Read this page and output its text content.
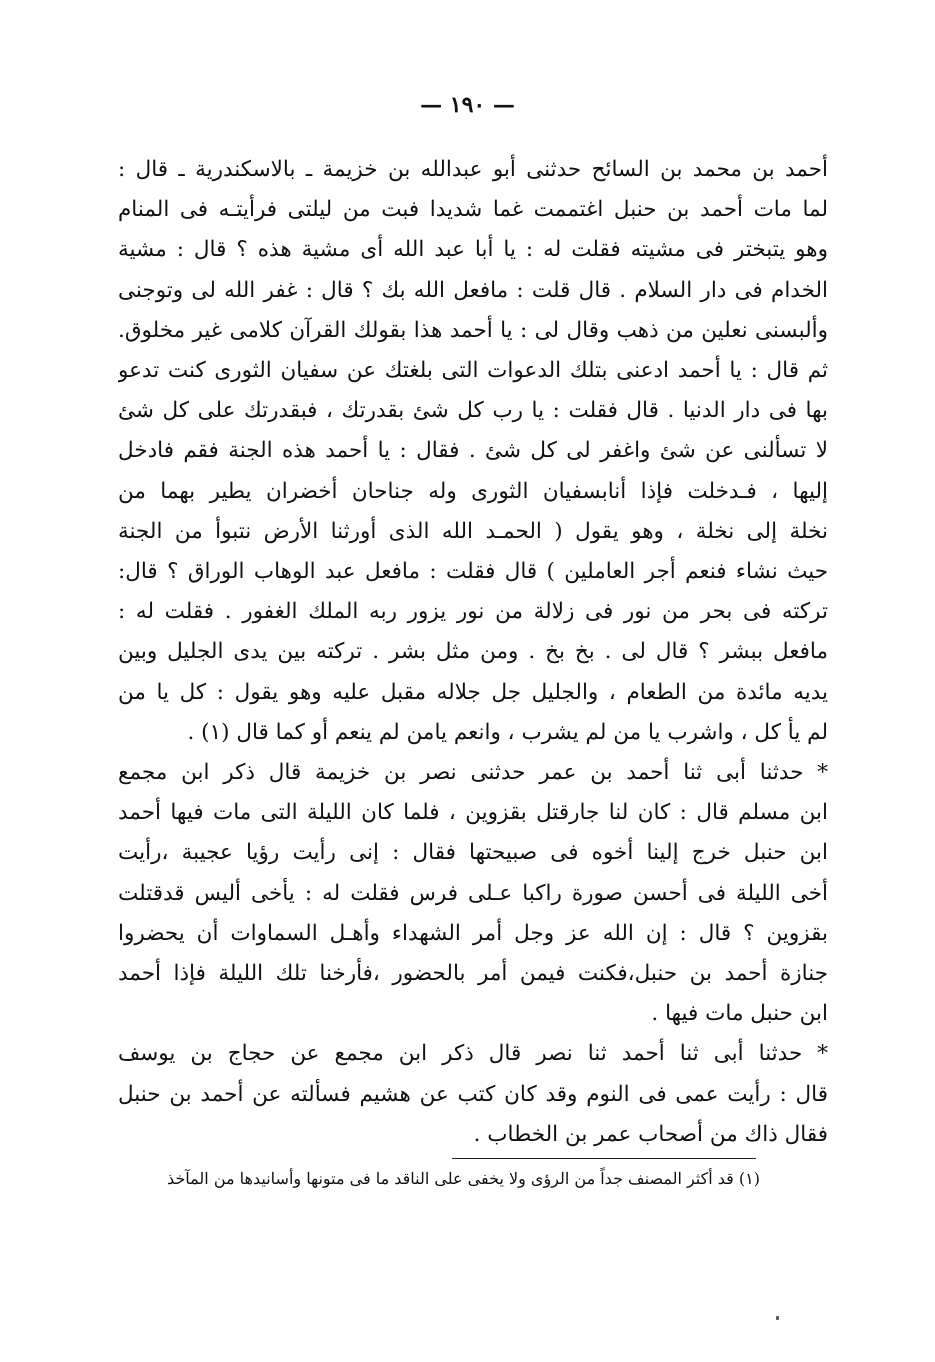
— ١٩٠ —
أحمد بن محمد بن السائح حدثنى أبو عبدالله بن خزيمة ـ بالاسكندرية ـ قال :
لما مات أحمد بن حنبل اغتممت غما شديدا فبت من ليلتى فرأيتـه فى المنام
وهو يتبختر فى مشيته فقلت له : يا أبا عبد الله أى مشية هذه ؟ قال : مشية
الخدام فى دار السلام . قال قلت : مافعل الله بك ؟ قال : غفر الله لى وتوجنى
وألبسنى نعلين من ذهب وقال لى : يا أحمد هذا بقولك القرآن كلامى غير مخلوق.
ثم قال : يا أحمد ادعنى بتلك الدعوات التى بلغتك عن سفيان الثورى كنت تدعو
بها فى دار الدنيا . قال فقلت : يا رب كل شئ بقدرتك ، فبقدرتك على كل شئ
لا تسألنى عن شئ واغفر لى كل شئ . فقال : يا أحمد هذه الجنة فقم فادخل
إليها ، فـدخلت فإذا أنابسفيان الثورى وله جناحان أخضران يطير بهما من
نخلة إلى نخلة ، وهو يقول ( الحمـد الله الذى أورثنا الأرض نتبوأ من الجنة
حيث نشاء فنعم أجر العاملين ) قال فقلت : مافعل عبد الوهاب الوراق ؟ قال:
تركته فى بحر من نور فى زلالة من نور يزور ربه الملك الغفور . فقلت له :
مافعل ببشر ؟ قال لى . بخ بخ . ومن مثل بشر . تركته بين يدى الجليل وبين
يديه مائدة من الطعام ، والجليل جل جلاله مقبل عليه وهو يقول : كل يا من
لم يأ كل ، واشرب يا من لم يشرب ، وانعم يامن لم ينعم أو كما قال (١) .
* حدثنا أبى ثنا أحمد بن عمر حدثنى نصر بن خزيمة قال ذكر ابن مجمع
ابن مسلم قال : كان لنا جارقتل بقزوين ، فلما كان الليلة التى مات فيها أحمد
ابن حنبل خرج إلينا أخوه فى صبيحتها فقال : إنى رأيت رؤيا عجيبة ،رأيت
أخى الليلة فى أحسن صورة راكبا عـلى فرس فقلت له : يأخى أليس قدقتلت
بقزوين ؟ قال : إن الله عز وجل أمر الشهداء وأهـل السماوات أن يحضروا
جنازة أحمد بن حنبل،فكنت فيمن أمر بالحضور ،فأرخنا تلك الليلة فإذا أحمد
ابن حنبل مات فيها .
* حدثنا أبى ثنا أحمد ثنا نصر قال ذكر ابن مجمع عن حجاج بن يوسف
قال : رأيت عمى فى النوم وقد كان كتب عن هشيم فسألته عن أحمد بن حنبل
فقال ذاك من أصحاب عمر بن الخطاب .
(١) قد أكثر المصنف جداً من الرؤى ولا يخفى على الناقد ما فى متونها وأسانيدها من المآخذ
